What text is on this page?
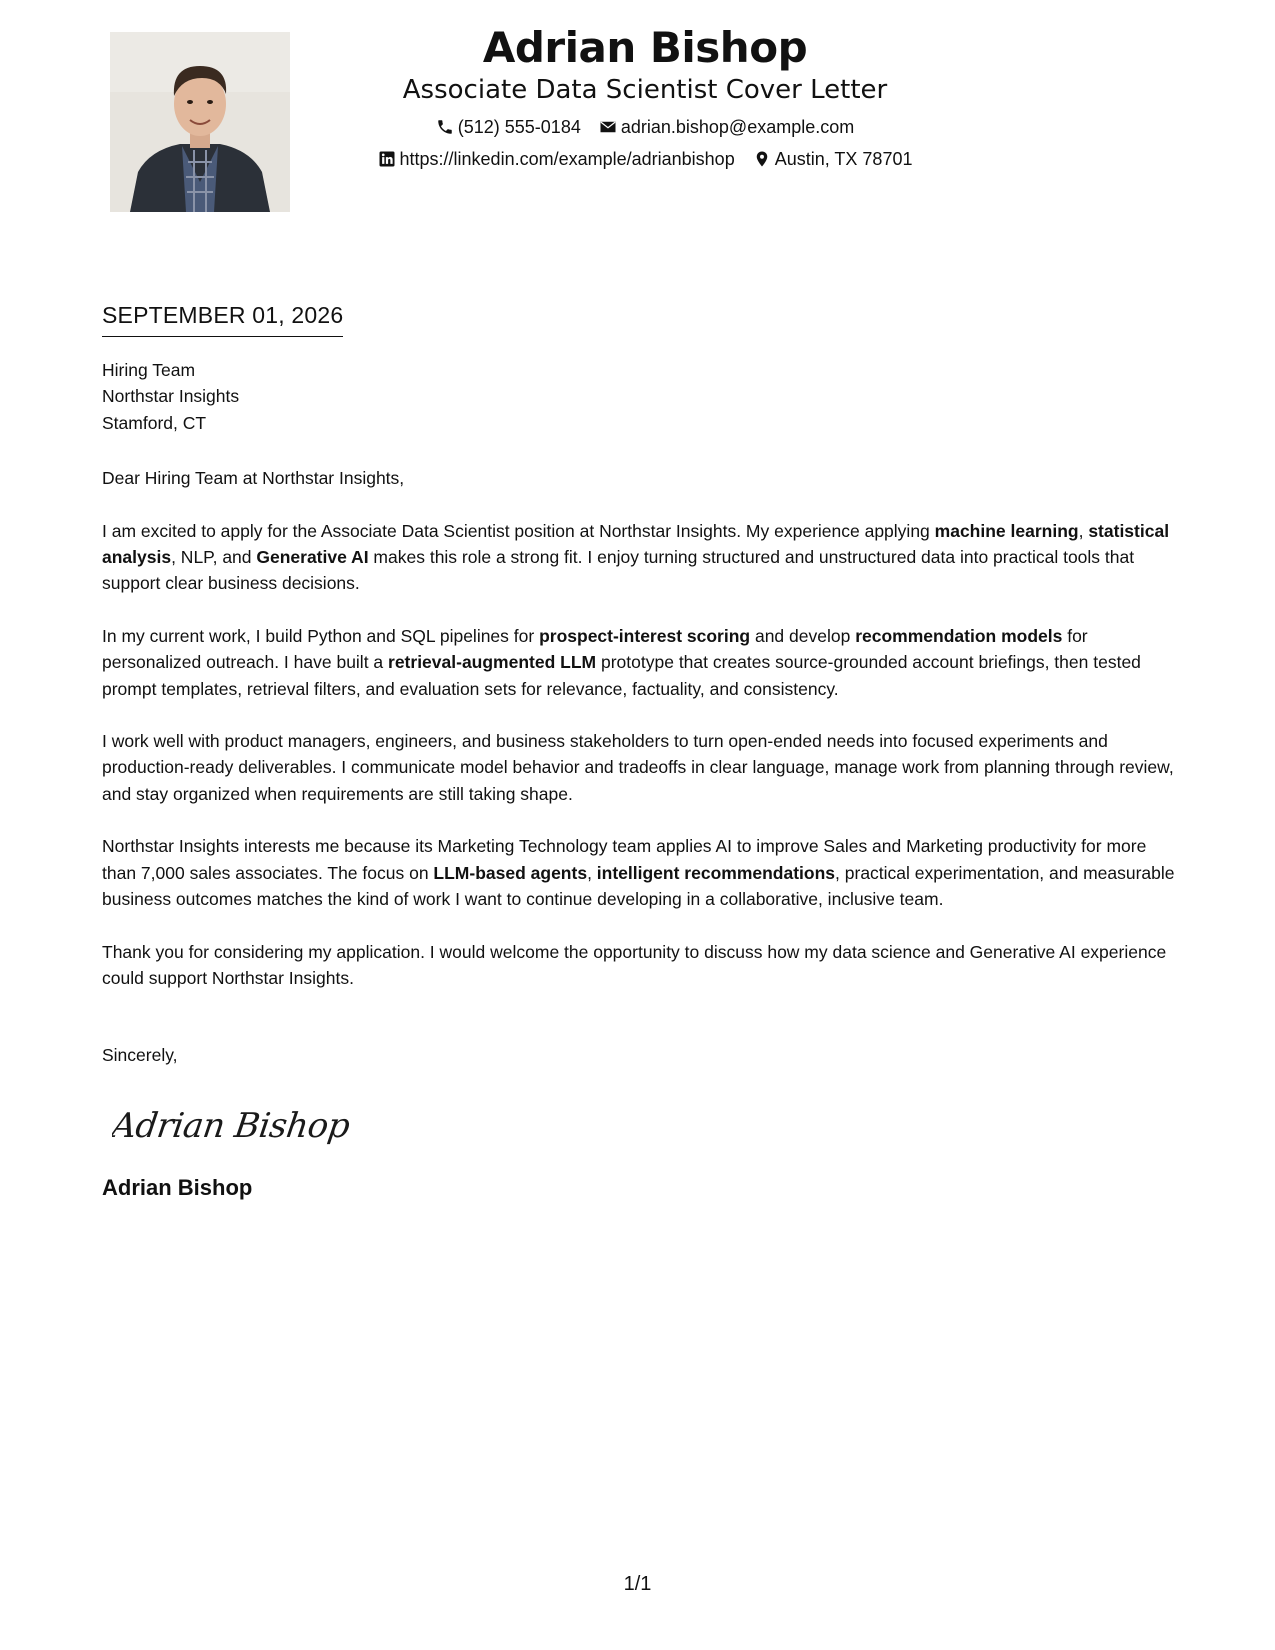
Adrian Bishop

Associate Data Scientist Cover Letter

(512) 555-0184 adrian.bishop@example.com
https://linkedin.com/example/adrianbishop Austin, TX 78701
SEPTEMBER 01, 2026
Hiring Team
Northstar Insights
Stamford, CT
Dear Hiring Team at Northstar Insights,

I am excited to apply for the Associate Data Scientist position at Northstar Insights. My experience applying machine learning, statistical analysis, NLP, and Generative AI makes this role a strong fit. I enjoy turning structured and unstructured data into practical tools that support clear business decisions.

In my current work, I build Python and SQL pipelines for prospect-interest scoring and develop recommendation models for personalized outreach. I have built a retrieval-augmented LLM prototype that creates source-grounded account briefings, then tested prompt templates, retrieval filters, and evaluation sets for relevance, factuality, and consistency.

I work well with product managers, engineers, and business stakeholders to turn open-ended needs into focused experiments and production-ready deliverables. I communicate model behavior and tradeoffs in clear language, manage work from planning through review, and stay organized when requirements are still taking shape.

Northstar Insights interests me because its Marketing Technology team applies AI to improve Sales and Marketing productivity for more than 7,000 sales associates. The focus on LLM-based agents, intelligent recommendations, practical experimentation, and measurable business outcomes matches the kind of work I want to continue developing in a collaborative, inclusive team.

Thank you for considering my application. I would welcome the opportunity to discuss how my data science and Generative AI experience could support Northstar Insights.

Sincerely,
Adrian Bishop
Adrian Bishop
1/1
